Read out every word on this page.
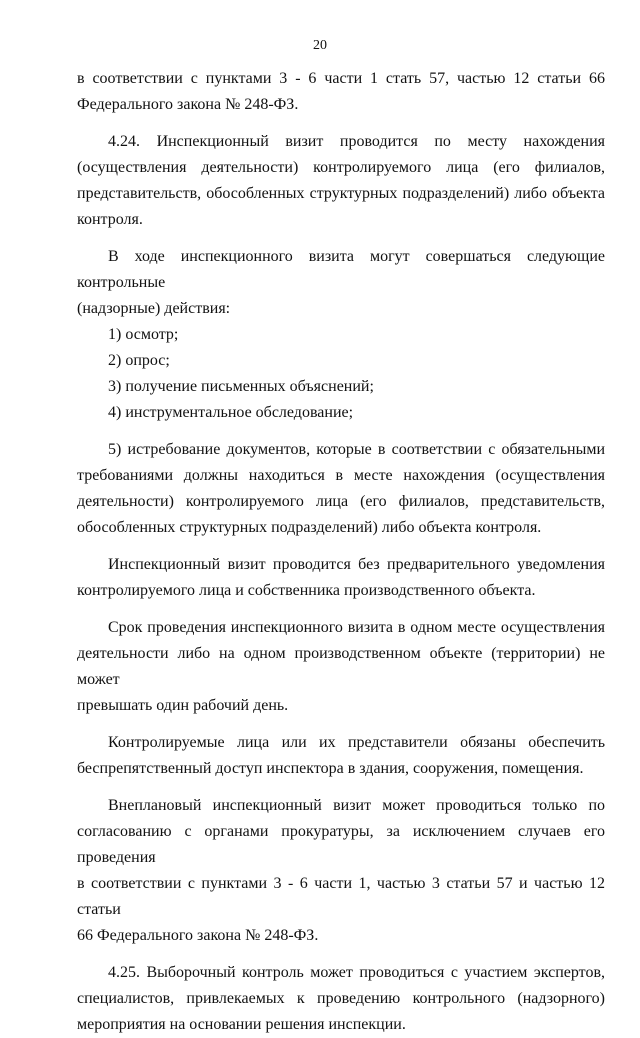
20
в соответствии с пунктами 3 - 6 части 1 стать 57, частью 12 статьи 66
Федерального закона № 248-ФЗ.
4.24. Инспекционный визит проводится по месту нахождения
(осуществления деятельности) контролируемого лица (его филиалов,
представительств, обособленных структурных подразделений) либо объекта
контроля.
В ходе инспекционного визита могут совершаться следующие контрольные
(надзорные) действия:
1) осмотр;
2) опрос;
3) получение письменных объяснений;
4) инструментальное обследование;
5) истребование документов, которые в соответствии с обязательными
требованиями должны находиться в месте нахождения (осуществления
деятельности) контролируемого лица (его филиалов, представительств,
обособленных структурных подразделений) либо объекта контроля.
Инспекционный визит проводится без предварительного уведомления
контролируемого лица и собственника производственного объекта.
Срок проведения инспекционного визита в одном месте осуществления
деятельности либо на одном производственном объекте (территории) не может
превышать один рабочий день.
Контролируемые лица или их представители обязаны обеспечить
беспрепятственный доступ инспектора в здания, сооружения, помещения.
Внеплановый инспекционный визит может проводиться только по
согласованию с органами прокуратуры, за исключением случаев его проведения
в соответствии с пунктами 3 - 6 части 1, частью 3 статьи 57 и частью 12 статьи
66 Федерального закона № 248-ФЗ.
4.25. Выборочный контроль может проводиться с участием экспертов,
специалистов, привлекаемых к проведению контрольного (надзорного)
мероприятия на основании решения инспекции.
